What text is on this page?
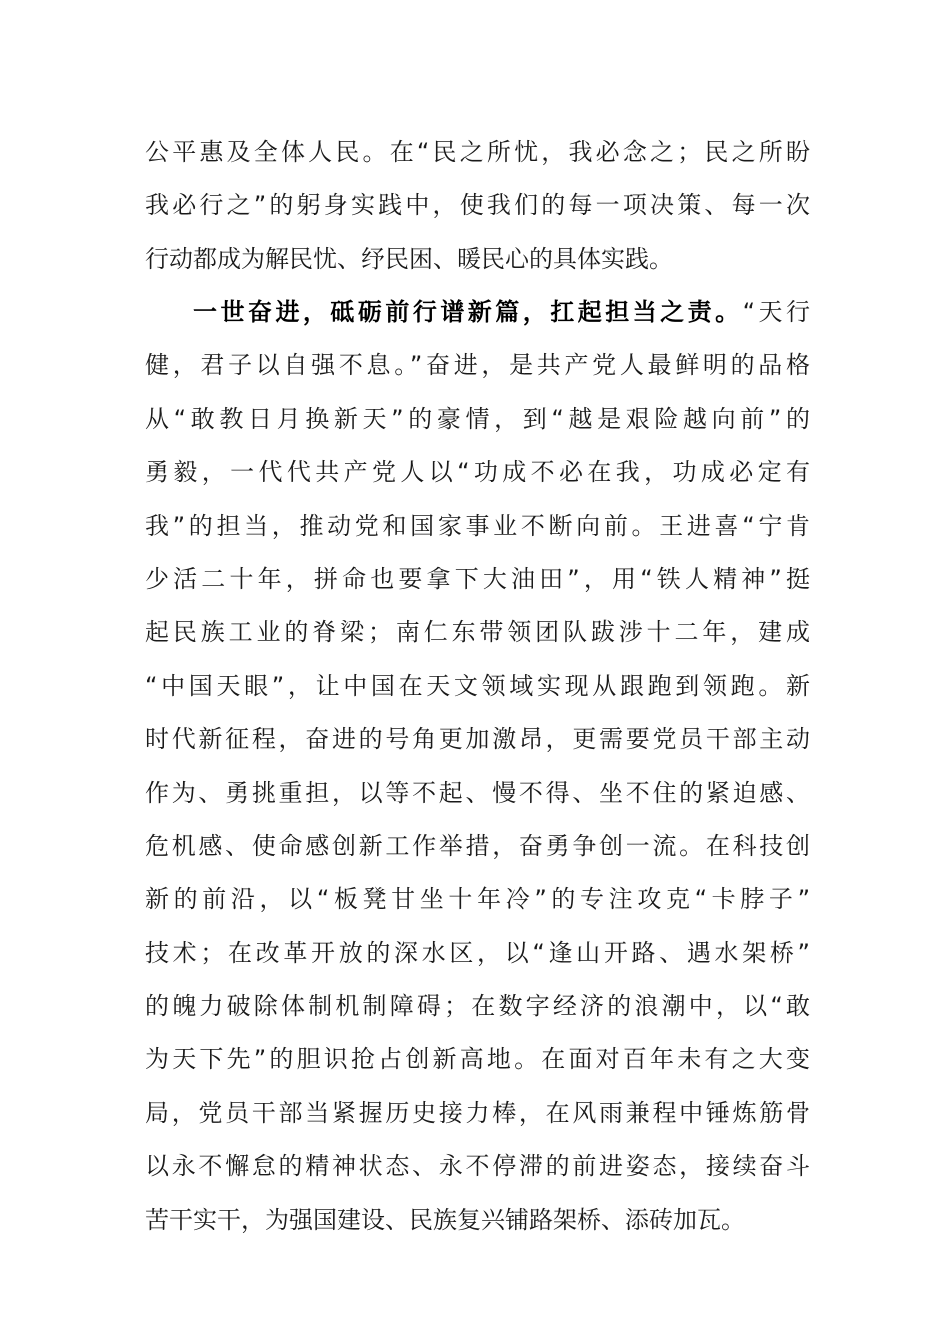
公平惠及全体人民。在“民之所忧，我必念之；民之所盼
我必行之”的躬身实践中，使我们的每一项决策、每一次
行动都成为解民忧、纾民困、暖民心的具体实践。
一世奋进，砥砺前行谱新篇，扛起担当之责。“天行
健，君子以自强不息。”奋进，是共产党人最鲜明的品格
从“敢教日月换新天”的豪情，到“越是艰险越向前”的
勇毅，一代代共产党人以“功成不必在我，功成必定有
我”的担当，推动党和国家事业不断向前。王进喜“宁肯
少活二十年，拼命也要拿下大油田”，用“铁人精神”挺
起民族工业的脊梁；南仁东带领团队跋涉十二年，建成
“中国天眼”，让中国在天文领域实现从跟跑到领跑。新
时代新征程，奋进的号角更加激昂，更需要党员干部主动
作为、勇挑重担，以等不起、慢不得、坐不住的紧迫感、
危机感、使命感创新工作举措，奋勇争创一流。在科技创
新的前沿，以“板凳甘坐十年冷”的专注攻克“卡脖子”
技术；在改革开放的深水区，以“逢山开路、遇水架桥”
的魄力破除体制机制障碍；在数字经济的浪潮中，以“敢
为天下先”的胆识抢占创新高地。在面对百年未有之大变
局，党员干部当紧握历史接力棒，在风雨兼程中锤炼筋骨
以永不懈怠的精神状态、永不停滞的前进姿态，接续奋斗
苦干实干，为强国建设、民族复兴铺路架桥、添砖加瓦。
